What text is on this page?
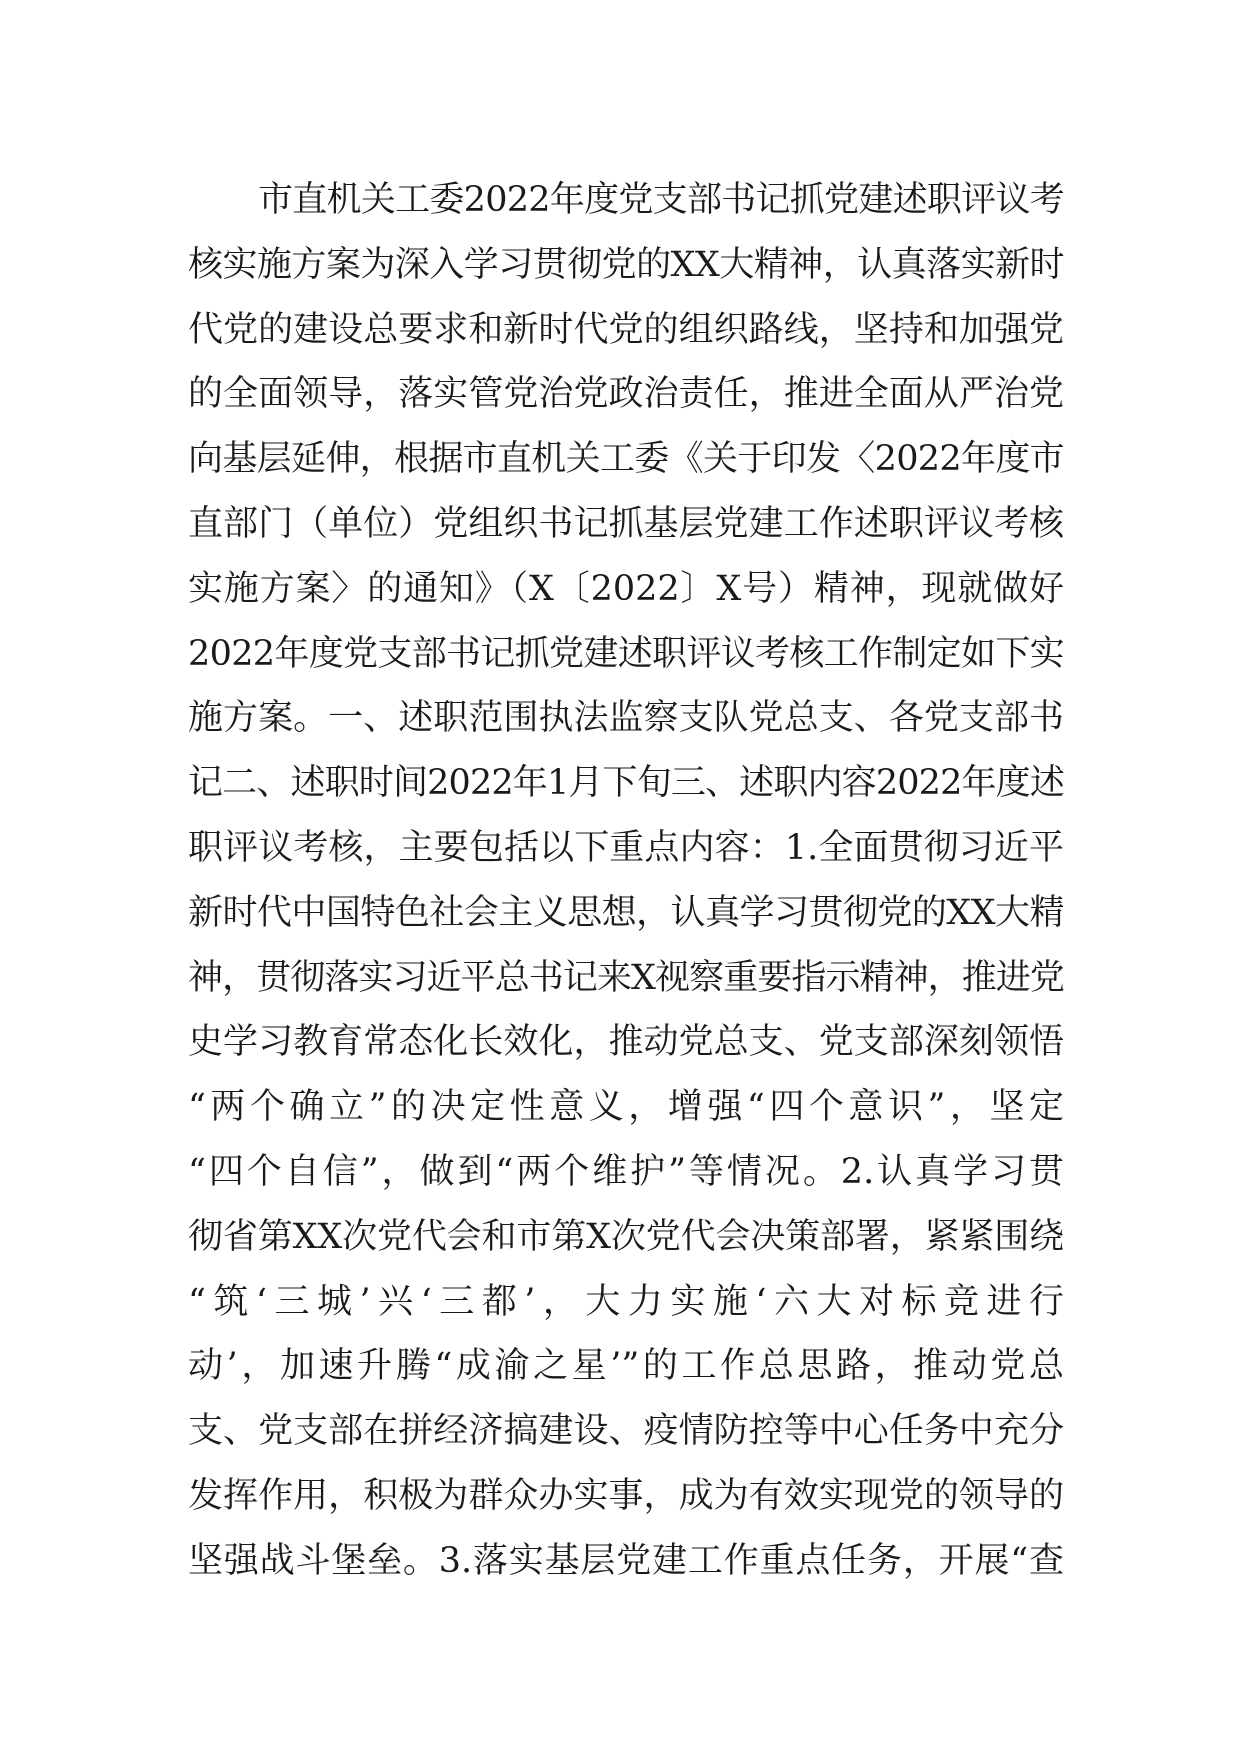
市直机关工委2022年度党支部书记抓党建述职评议考
核实施方案为深入学习贯彻党的XX大精神，认真落实新时
代党的建设总要求和新时代党的组织路线，坚持和加强党
的全面领导，落实管党治党政治责任，推进全面从严治党
向基层延伸，根据市直机关工委《关于印发〈2022年度市
直部门（单位）党组织书记抓基层党建工作述职评议考核
实施方案〉的通知》（X〔2022〕X号）精神，现就做好
2022年度党支部书记抓党建述职评议考核工作制定如下实
施方案。一、述职范围执法监察支队党总支、各党支部书
记二、述职时间2022年1月下旬三、述职内容2022年度述
职评议考核，主要包括以下重点内容：1.全面贯彻习近平
新时代中国特色社会主义思想，认真学习贯彻党的XX大精
神，贯彻落实习近平总书记来X视察重要指示精神，推进党
史学习教育常态化长效化，推动党总支、党支部深刻领悟
“两个确立”的决定性意义，增强“四个意识”，坚定
“四个自信”，做到“两个维护”等情况。2.认真学习贯
彻省第XX次党代会和市第X次党代会决策部署，紧紧围绕
“筑‘三城’兴‘三都’，大力实施‘六大对标竞进行
动’，加速升腾“成渝之星’”的工作总思路，推动党总
支、党支部在拼经济搞建设、疫情防控等中心任务中充分
发挥作用，积极为群众办实事，成为有效实现党的领导的
坚强战斗堡垒。3.落实基层党建工作重点任务，开展“查
